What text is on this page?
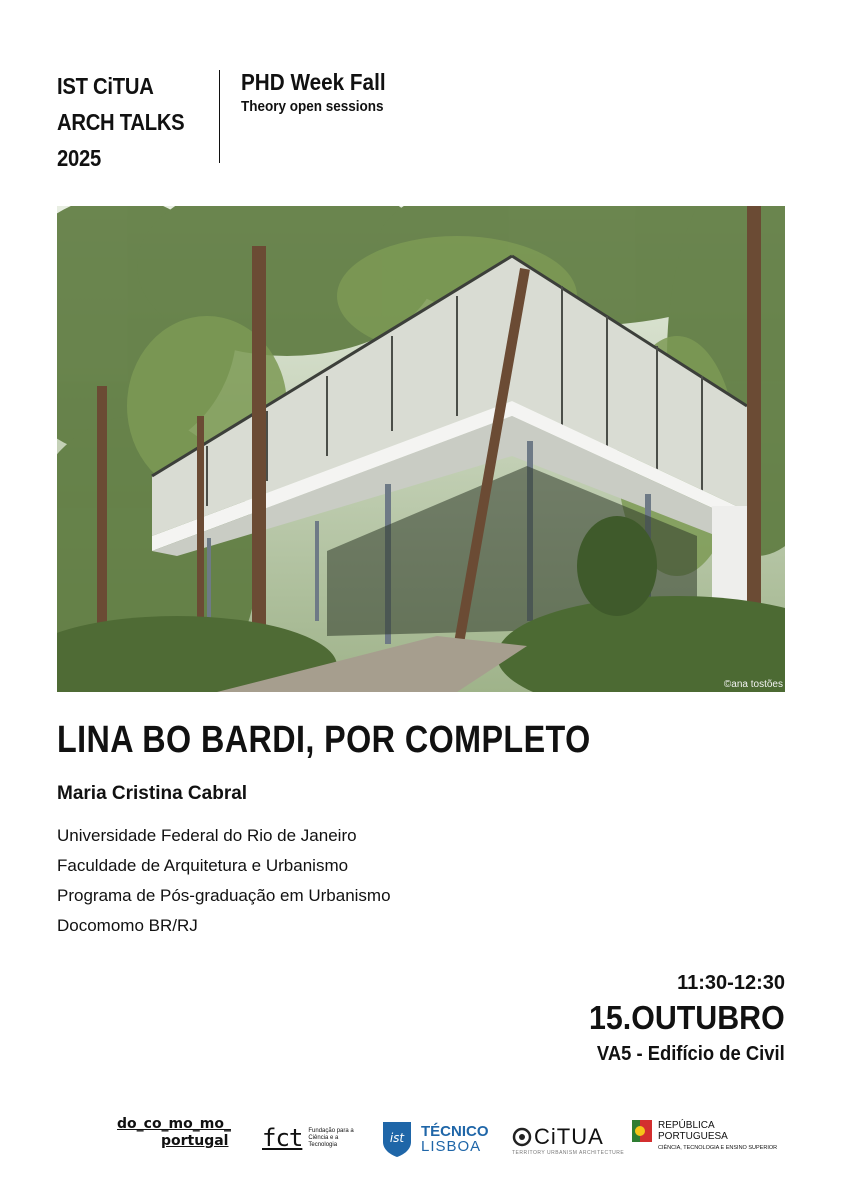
IST CiTUA
ARCH TALKS
2025
PHD Week Fall
Theory open sessions
©ana tostões
LINA BO BARDI, POR COMPLETO
Maria Cristina Cabral
Universidade Federal do Rio de Janeiro
Faculdade de Arquitetura e Urbanismo
Programa de Pós-graduação em Urbanismo
Docomomo BR/RJ
11:30-12:30
15.OUTUBRO
VA5 - Edifício de Civil
do_co_mo_mo_
portugal fct Fundação para a Ciência e a Tecnologia	ist TÉCNICO
LISBOA	CiTUA
TERRITORY URBANISM ARCHITECTURE
REPÚBLICA
PORTUGUESA
CIÊNCIA, TECNOLOGIA E ENSINO SUPERIOR
